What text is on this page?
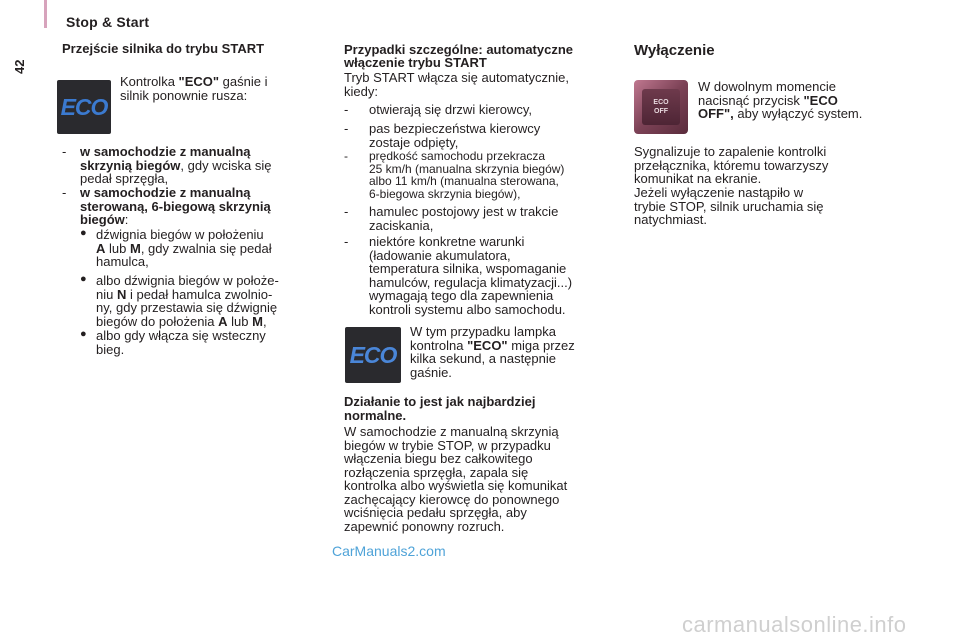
Stop & Start
42
Przejście silnika do trybu START
ECO
Kontrolka "ECO" gaśnie i
silnik ponownie rusza:
- w samochodzie z manualną
skrzynią biegów, gdy wciska się
pedał sprzęgła,
- w samochodzie z manualną
sterowaną, 6-biegową skrzynią
biegów:
● dźwignia biegów w położeniu
A lub M, gdy zwalnia się pedał
hamulca,
● albo dźwignia biegów w położe-
niu N i pedał hamulca zwolnio-
ny, gdy przestawia się dźwignię
biegów do położenia A lub M,
● albo gdy włącza się wsteczny
bieg.
Przypadki szczególne: automatyczne
włączenie trybu START
Tryb START włącza się automatycznie,
kiedy:
- otwierają się drzwi kierowcy,
- pas bezpieczeństwa kierowcy
zostaje odpięty,
- prędkość samochodu przekracza
25 km/h (manualna skrzynia biegów)
albo 11 km/h (manualna sterowana,
6-biegowa skrzynia biegów),
- hamulec postojowy jest w trakcie
zaciskania,
- niektóre konkretne warunki
(ładowanie akumulatora,
temperatura silnika, wspomaganie
hamulców, regulacja klimatyzacji...)
wymagają tego dla zapewnienia
kontroli systemu albo samochodu.
ECO
W tym przypadku lampka
kontrolna "ECO" miga przez
kilka sekund, a następnie
gaśnie.
Działanie to jest jak najbardziej
normalne.
W samochodzie z manualną skrzynią
biegów w trybie STOP, w przypadku
włączenia biegu bez całkowitego
rozłączenia sprzęgła, zapala się
kontrolka albo wyświetla się komunikat
zachęcający kierowcę do ponownego
wciśnięcia pedału sprzęgła, aby
zapewnić ponowny rozruch.
Wyłączenie
ECO
OFF
W dowolnym momencie
nacisnąć przycisk "ECO
OFF", aby wyłączyć system.
Sygnalizuje to zapalenie kontrolki
przełącznika, któremu towarzyszy
komunikat na ekranie.
Jeżeli wyłączenie nastąpiło w
trybie STOP, silnik uruchamia się
natychmiast.
CarManuals2.com
carmanualsonline.info
